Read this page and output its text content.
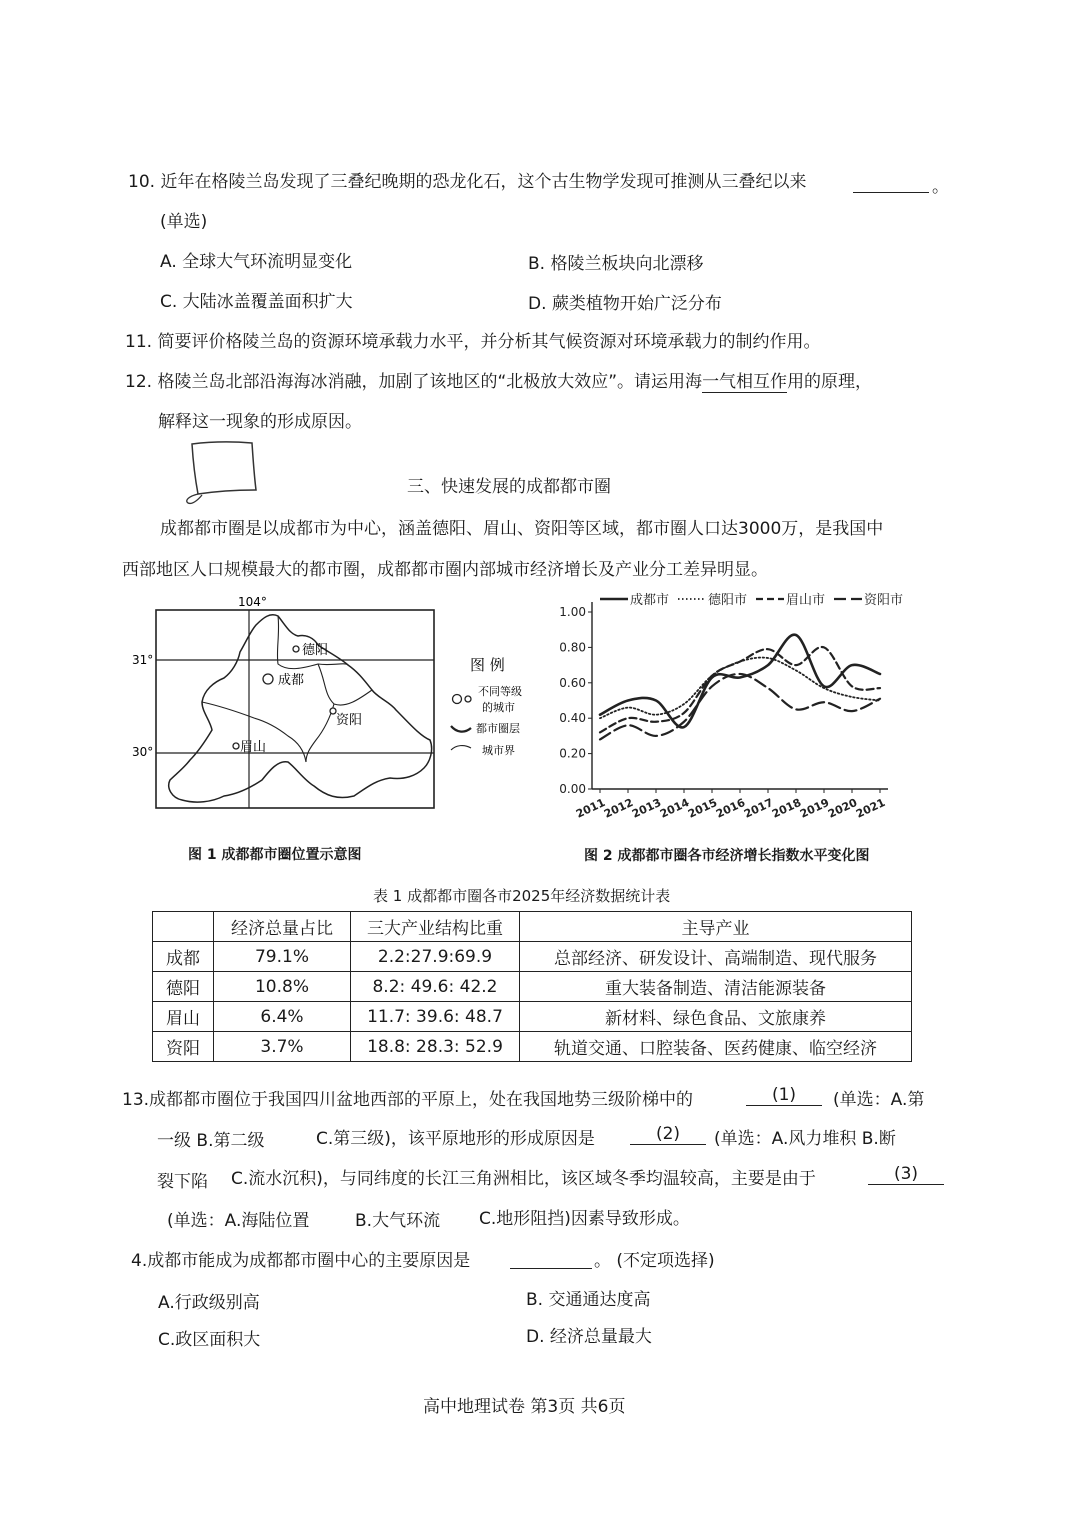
10. 近年在格陵兰岛发现了三叠纪晚期的恐龙化石，这个古生物学发现可推测从三叠纪以来	。
(单选)
A. 全球大气环流明显变化	B. 格陵兰板块向北漂移
C. 大陆冰盖覆盖面积扩大	D. 蕨类植物开始广泛分布
11. 简要评价格陵兰岛的资源环境承载力水平，并分析其气候资源对环境承载力的制约作用。
12. 格陵兰岛北部沿海海冰消融，加剧了该地区的“北极放大效应”。请运用海一气相互作用的原理，
解释这一现象的形成原因。
三、快速发展的成都都市圈
成都都市圈是以成都市为中心，涵盖德阳、眉山、资阳等区域，都市圈人口达3000万，是我国中
西部地区人口规模最大的都市圈，成都都市圈内部城市经济增长及产业分工差异明显。
104°
31°
30°
德阳
成都
资阳
眉山
图 例
不同等级
的城市
都市圈层
城市界
图 1 成都都市圈位置示意图
1.00
0.80
0.60
0.40
0.20
0.00
2011
2012
2013
2014
2015
2016
2017
2018
2019
2020
2021
成都市	德阳市	眉山市	资阳市
图 2 成都都市圈各市经济增长指数水平变化图
表 1 成都都市圈各市2025年经济数据统计表
	经济总量占比	三大产业结构比重	主导产业
成都	79.1%	2.2:27.9:69.9	总部经济、研发设计、高端制造、现代服务
德阳	10.8%	8.2: 49.6: 42.2	重大装备制造、清洁能源装备
眉山	6.4%	11.7: 39.6: 48.7	新材料、绿色食品、文旅康养
资阳	3.7%	18.8: 28.3: 52.9	轨道交通、口腔装备、医药健康、临空经济
13.成都都市圈位于我国四川盆地西部的平原上，处在我国地势三级阶梯中的	(1)	(单选：A.第
一级 B.第二级	C.第三级)，该平原地形的形成原因是	(2)	(单选：A.风力堆积 B.断
裂下陷 C.流水沉积)，与同纬度的长江三角洲相比，该区域冬季均温较高，主要是由于	(3)
(单选：A.海陆位置	B.大气环流 C.地形阻挡)因素导致形成。
4.成都市能成为成都都市圈中心的主要原因是	。 (不定项选择)
A.行政级别高	B. 交通通达度高
C.政区面积大	D. 经济总量最大
高中地理试卷 第3页 共6页
